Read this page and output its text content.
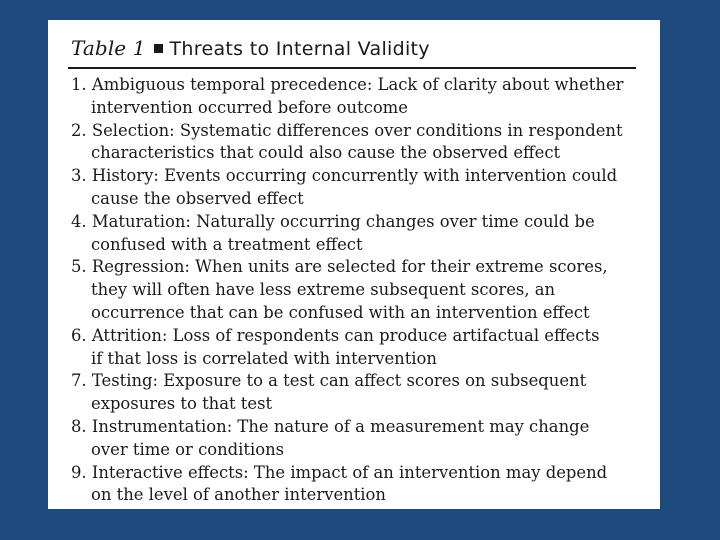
Table 1 Threats to Internal Validity
1. Ambiguous temporal precedence: Lack of clarity about whether
intervention occurred before outcome
2. Selection: Systematic differences over conditions in respondent
characteristics that could also cause the observed effect
3. History: Events occurring concurrently with intervention could
cause the observed effect
4. Maturation: Naturally occurring changes over time could be
confused with a treatment effect
5. Regression: When units are selected for their extreme scores,
they will often have less extreme subsequent scores, an
occurrence that can be confused with an intervention effect
6. Attrition: Loss of respondents can produce artifactual effects
if that loss is correlated with intervention
7. Testing: Exposure to a test can affect scores on subsequent
exposures to that test
8. Instrumentation: The nature of a measurement may change
over time or conditions
9. Interactive effects: The impact of an intervention may depend
on the level of another intervention
